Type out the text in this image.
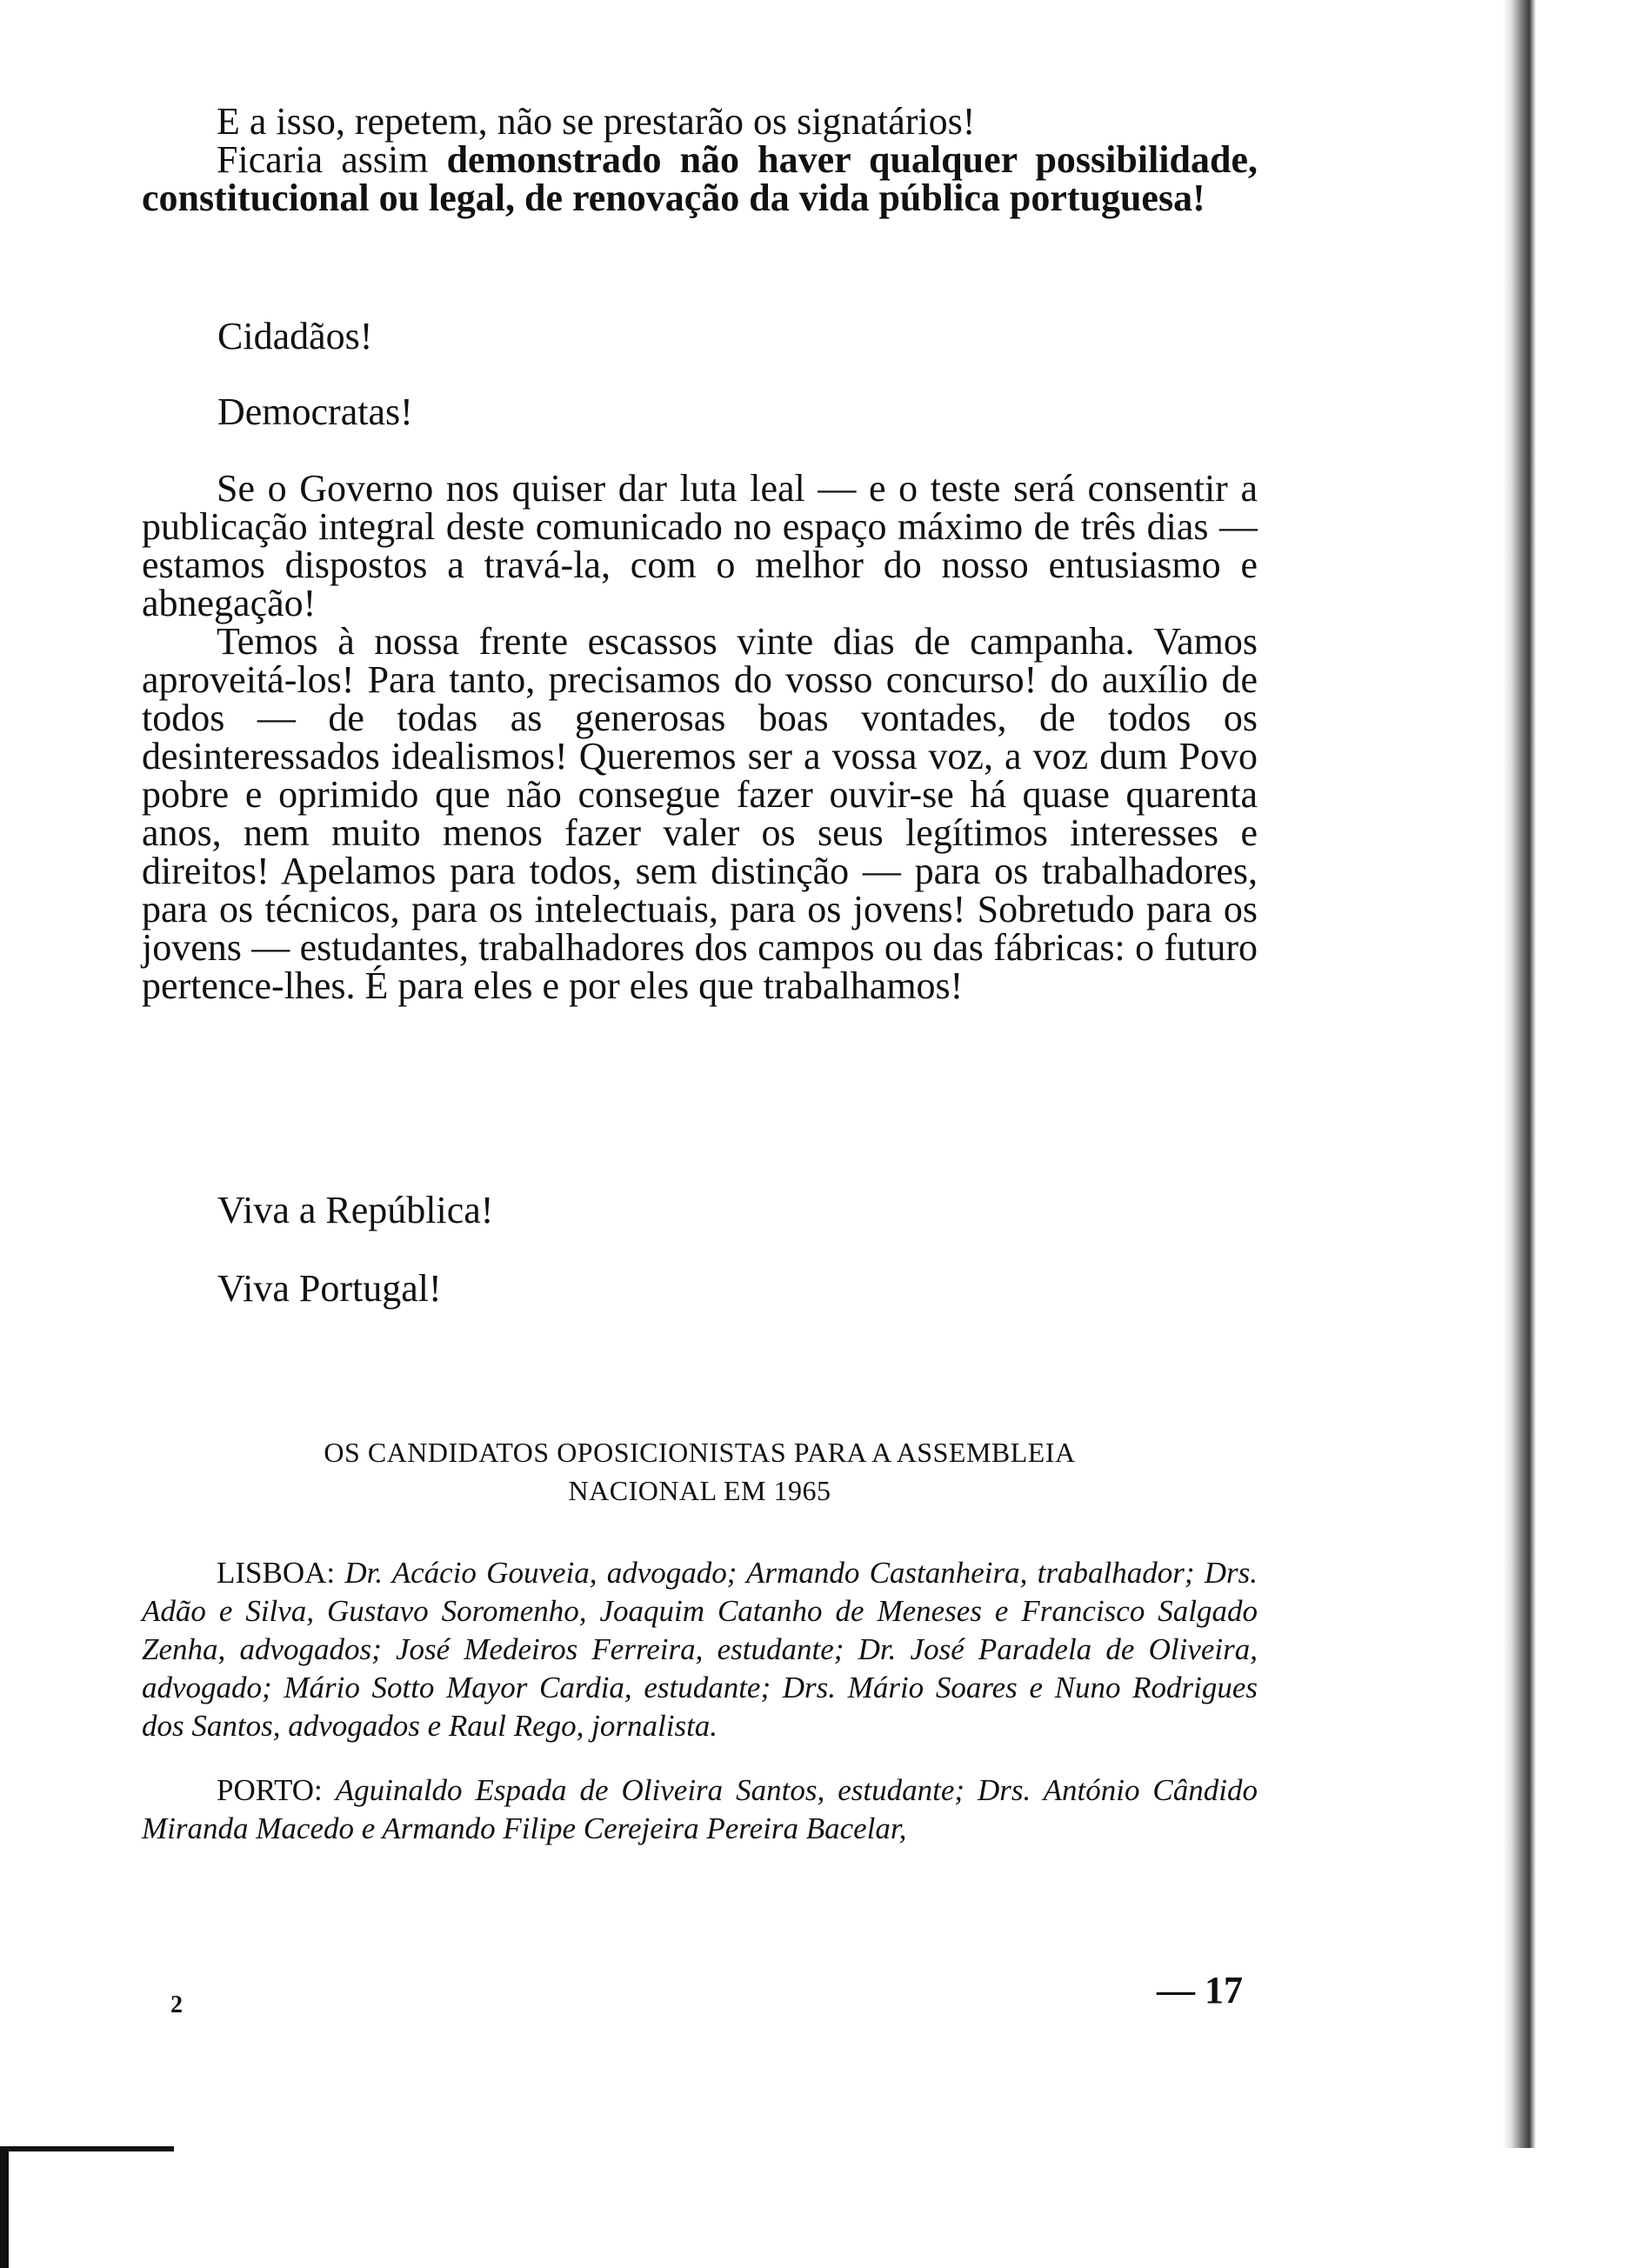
E a isso, repetem, não se prestarão os signatários!

Ficaria assim demonstrado não haver qualquer possibilidade, constitucional ou legal, de renovação da vida pública portuguesa!

Cidadãos!

Democratas!

Se o Governo nos quiser dar luta leal — e o teste será consentir a publicação integral deste comunicado no espaço máximo de três dias — estamos dispostos a travá-la, com o melhor do nosso entusiasmo e abnegação!

Temos à nossa frente escassos vinte dias de campanha. Vamos aproveitá-los! Para tanto, precisamos do vosso concurso! do auxílio de todos — de todas as generosas boas vontades, de todos os desinteressados idealismos! Queremos ser a vossa voz, a voz dum Povo pobre e oprimido que não consegue fazer ouvir-se há quase quarenta anos, nem muito menos fazer valer os seus legítimos interesses e direitos! Apelamos para todos, sem distinção — para os trabalhadores, para os técnicos, para os intelectuais, para os jovens! Sobretudo para os jovens — estudantes, trabalhadores dos campos ou das fábricas: o futuro pertence-lhes. É para eles e por eles que trabalhamos!

Viva a República!

Viva Portugal!

OS CANDIDATOS OPOSICIONISTAS PARA A ASSEMBLEIA

NACIONAL EM 1965

LISBOA: Dr. Acácio Gouveia, advogado; Armando Castanheira, trabalhador; Drs. Adão e Silva, Gustavo Soromenho, Joaquim Catanho de Meneses e Francisco Salgado Zenha, advogados; José Medeiros Ferreira, estudante; Dr. José Paradela de Oliveira, advogado; Mário Sotto Mayor Cardia, estudante; Drs. Mário Soares e Nuno Rodrigues dos Santos, advogados e Raul Rego, jornalista.

PORTO: Aguinaldo Espada de Oliveira Santos, estudante; Drs. António Cândido Miranda Macedo e Armando Filipe Cerejeira Pereira Bacelar,

2	— 17
